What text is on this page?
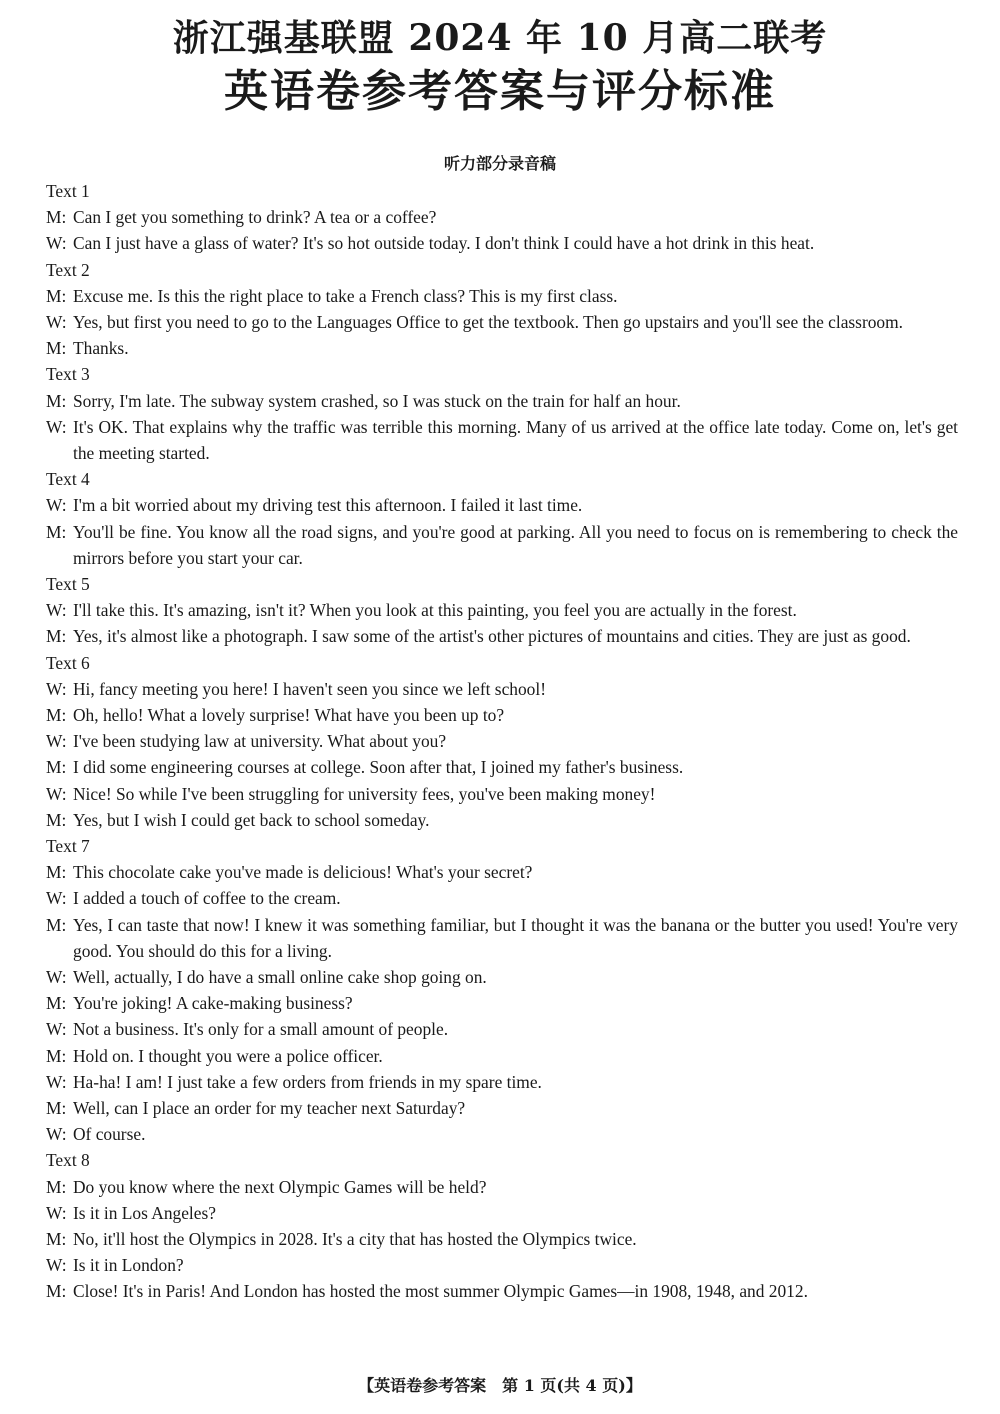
浙江强基联盟 2024 年 10 月高二联考
英语卷参考答案与评分标准
听力部分录音稿
Text 1

M: Can I get you something to drink? A tea or a coffee?

W: Can I just have a glass of water? It's so hot outside today. I don't think I could have a hot drink in this heat.

Text 2

M: Excuse me. Is this the right place to take a French class? This is my first class.

W: Yes, but first you need to go to the Languages Office to get the textbook. Then go upstairs and you'll see the classroom.

M: Thanks.

Text 3

M: Sorry, I'm late. The subway system crashed, so I was stuck on the train for half an hour.

W: It's OK. That explains why the traffic was terrible this morning. Many of us arrived at the office late today. Come on, let's get the meeting started.

Text 4

W: I'm a bit worried about my driving test this afternoon. I failed it last time.

M: You'll be fine. You know all the road signs, and you're good at parking. All you need to focus on is remembering to check the mirrors before you start your car.

Text 5

W: I'll take this. It's amazing, isn't it? When you look at this painting, you feel you are actually in the forest.

M: Yes, it's almost like a photograph. I saw some of the artist's other pictures of mountains and cities. They are just as good.

Text 6

W: Hi, fancy meeting you here! I haven't seen you since we left school!

M: Oh, hello! What a lovely surprise! What have you been up to?

W: I've been studying law at university. What about you?

M: I did some engineering courses at college. Soon after that, I joined my father's business.

W: Nice! So while I've been struggling for university fees, you've been making money!

M: Yes, but I wish I could get back to school someday.

Text 7

M: This chocolate cake you've made is delicious! What's your secret?

W: I added a touch of coffee to the cream.

M: Yes, I can taste that now! I knew it was something familiar, but I thought it was the banana or the butter you used! You're very good. You should do this for a living.

W: Well, actually, I do have a small online cake shop going on.

M: You're joking! A cake-making business?

W: Not a business. It's only for a small amount of people.

M: Hold on. I thought you were a police officer.

W: Ha-ha! I am! I just take a few orders from friends in my spare time.

M: Well, can I place an order for my teacher next Saturday?

W: Of course.

Text 8

M: Do you know where the next Olympic Games will be held?

W: Is it in Los Angeles?

M: No, it'll host the Olympics in 2028. It's a city that has hosted the Olympics twice.

W: Is it in London?

M: Close! It's in Paris! And London has hosted the most summer Olympic Games—in 1908, 1948, and 2012.

【英语卷参考答案　第 1 页(共 4 页)】
